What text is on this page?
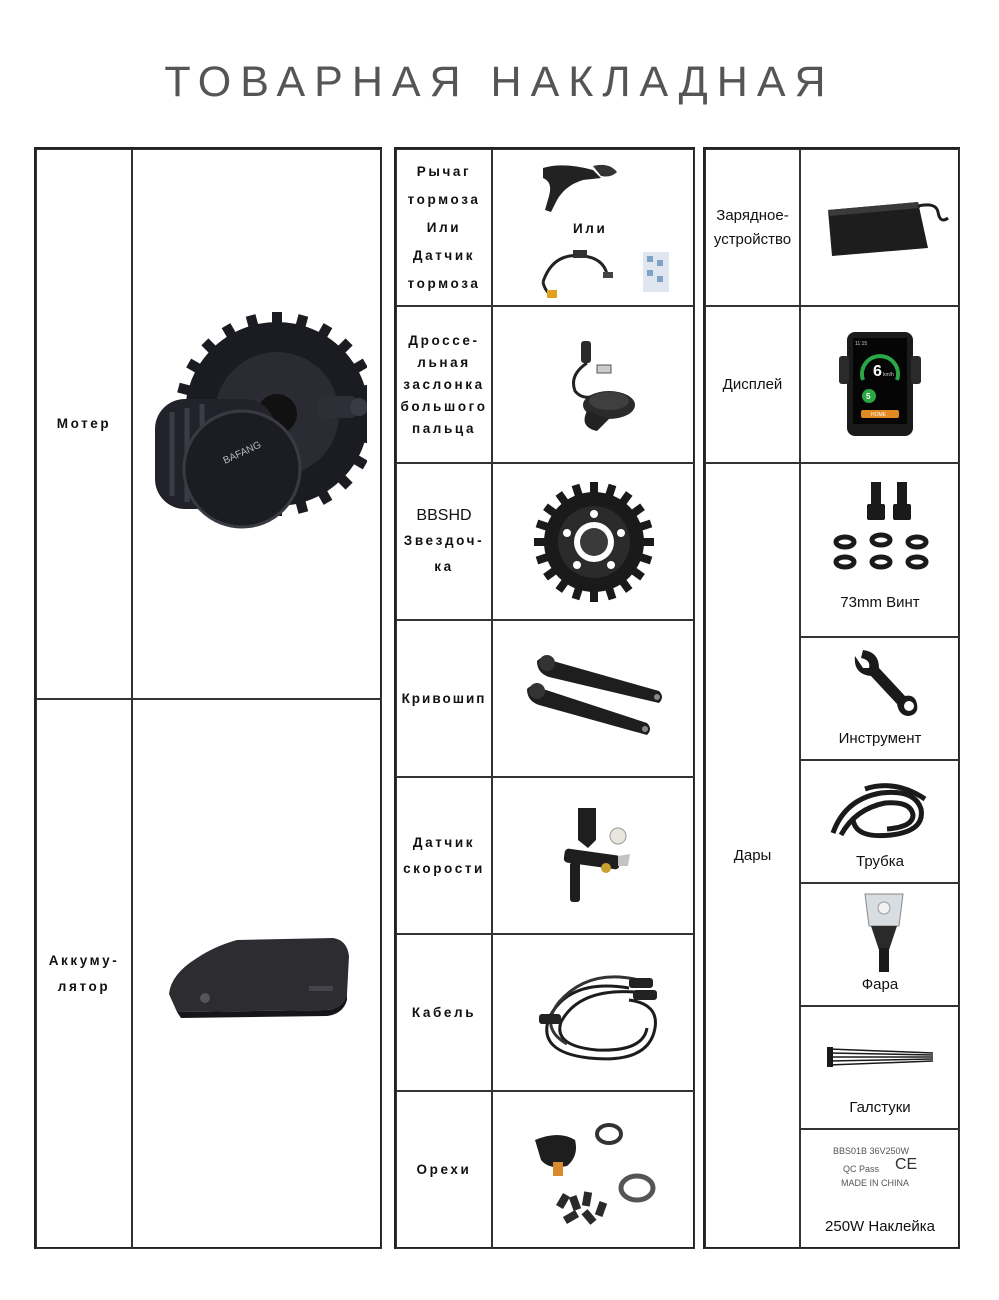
ТОВАРНАЯ НАКЛАДНАЯ
Мотер
BAFANG
Аккуму-
лятор
Рычаг
тормоза
Или
Датчик
тормоза
Или
Дроссе-
льная
заслонка
большого
пальца
BBSHD
Звездоч-
ка
Кривошип
Датчик
скорости
Кабель
Орехи
Зарядное-
устройство
Дисплей
11:15
6 km/h
5
HOME
Дары
73mm Винт
Инструмент
Трубка
Фара
Галстуки
BBS01B 36V250W
QC Pass CE
MADE IN CHINA
250W Наклейка
